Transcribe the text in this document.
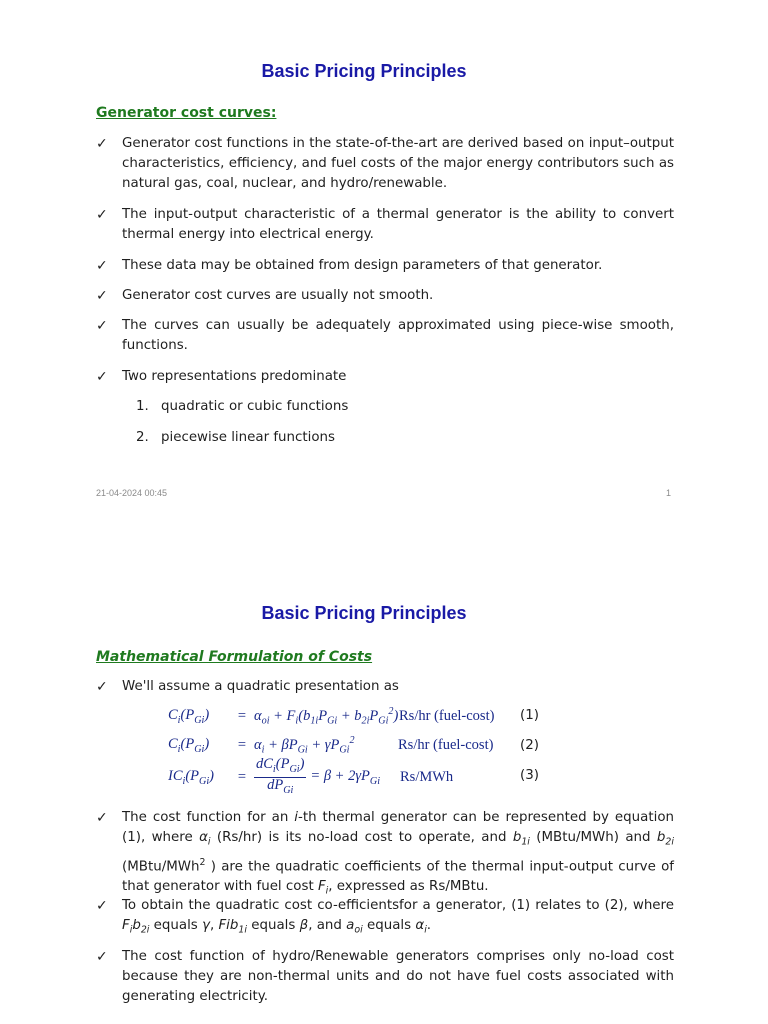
Basic Pricing Principles
Generator cost curves:
✓	Generator cost functions in the state-of-the-art are derived based on input–output characteristics, efficiency, and fuel costs of the major energy contributors such as natural gas, coal, nuclear, and hydro/renewable.
✓	The input-output characteristic of a thermal generator is the ability to convert thermal energy into electrical energy.
✓	These data may be obtained from design parameters of that generator.
✓	Generator cost curves are usually not smooth.
✓	The curves can usually be adequately approximated using piece-wise smooth, functions.
✓	Two representations predominate
1. quadratic or cubic functions
2. piecewise linear functions
21-04-2024 00:45	1
Basic Pricing Principles
Mathematical Formulation of Costs
✓	We'll assume a quadratic presentation as
$C_i(P_{Gi})$	= $\alpha_{oi} + F_i(b_{1i}P_{Gi} + b_{2i}P_{Gi}^2)$ Rs/hr (fuel-cost) (1)
$C_i(P_{Gi})$	= $\alpha_i + \beta P_{Gi} + \gamma P_{Gi}^2$	Rs/hr (fuel-cost) (2)
$IC_i(P_{Gi})$	= $\frac{dC_i(P_{Gi})}{dP_{Gi}} = \beta + 2\gamma P_{Gi}$ Rs/MWh	(3)
✓	The cost function for an i-th thermal generator can be represented by equation (1), where $\alpha_i$ (Rs/hr) is its no-load cost to operate, and $b_{1i}$ (MBtu/MWh) and $b_{2i}$ (MBtu/MWh$^2$ ) are the quadratic coefficients of the thermal input-output curve of that generator with fuel cost $F_i$, expressed as Rs/MBtu.
✓	To obtain the quadratic cost co-efficientsfor a generator, (1) relates to (2), where $F_ib_{2i}$ equals γ, Fib$_{1i}$ equals β, and $a_{oi}$ equals $\alpha_i$.
✓	The cost function of hydro/Renewable generators comprises only no-load cost because they are non-thermal units and do not have fuel costs associated with generating electricity.
